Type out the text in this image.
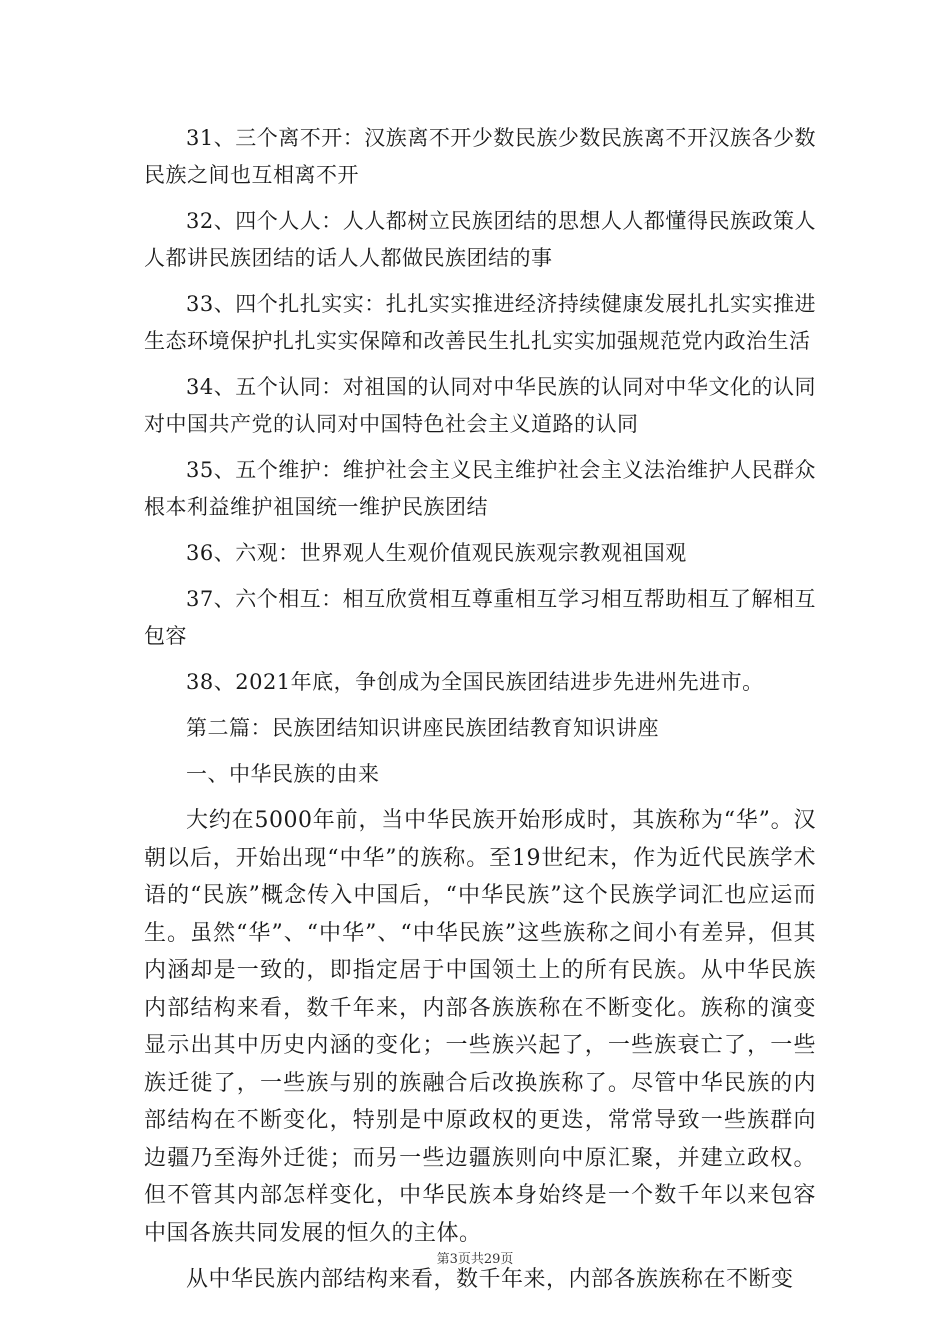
31、三个离不开：汉族离不开少数民族少数民族离不开汉族各少数民族之间也互相离不开

32、四个人人：人人都树立民族团结的思想人人都懂得民族政策人人都讲民族团结的话人人都做民族团结的事

33、四个扎扎实实：扎扎实实推进经济持续健康发展扎扎实实推进生态环境保护扎扎实实保障和改善民生扎扎实实加强规范党内政治生活

34、五个认同：对祖国的认同对中华民族的认同对中华文化的认同对中国共产党的认同对中国特色社会主义道路的认同

35、五个维护：维护社会主义民主维护社会主义法治维护人民群众根本利益维护祖国统一维护民族团结

36、六观：世界观人生观价值观民族观宗教观祖国观

37、六个相互：相互欣赏相互尊重相互学习相互帮助相互了解相互包容

38、2021年底，争创成为全国民族团结进步先进州先进市。

第二篇：民族团结知识讲座民族团结教育知识讲座

一、中华民族的由来

大约在5000年前，当中华民族开始形成时，其族称为“华”。汉朝以后，开始出现“中华”的族称。至19世纪末，作为近代民族学术语的“民族”概念传入中国后，“中华民族”这个民族学词汇也应运而生。虽然“华”、“中华”、“中华民族”这些族称之间小有差异，但其内涵却是一致的，即指定居于中国领土上的所有民族。从中华民族内部结构来看，数千年来，内部各族族称在不断变化。族称的演变显示出其中历史内涵的变化；一些族兴起了，一些族衰亡了，一些族迁徙了，一些族与别的族融合后改换族称了。尽管中华民族的内部结构在不断变化，特别是中原政权的更迭，常常导致一些族群向边疆乃至海外迁徙；而另一些边疆族则向中原汇聚，并建立政权。但不管其内部怎样变化，中华民族本身始终是一个数千年以来包容中国各族共同发展的恒久的主体。

从中华民族内部结构来看，数千年来，内部各族族称在不断变

第3页共29页
